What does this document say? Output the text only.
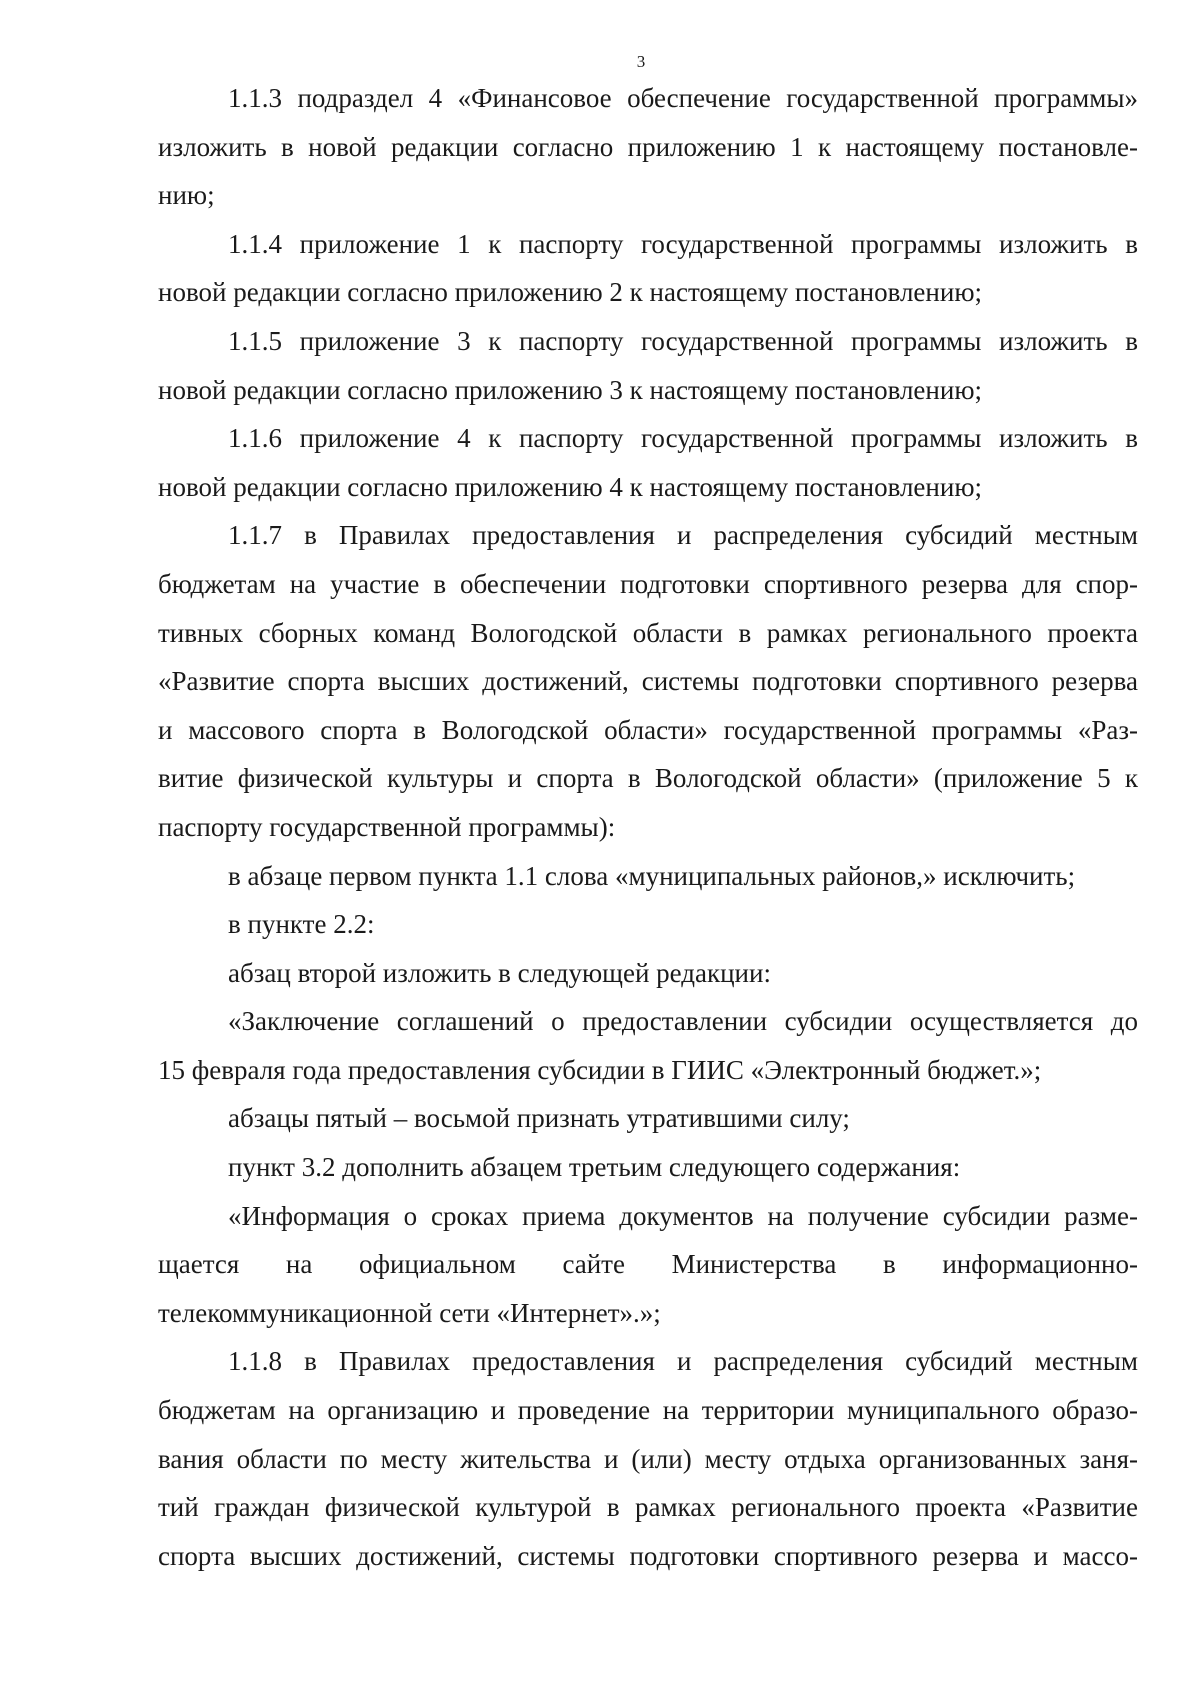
3
1.1.3 подраздел 4 «Финансовое обеспечение государственной программы»
изложить в новой редакции согласно приложению 1 к настоящему постановле-
нию;
1.1.4 приложение 1 к паспорту государственной программы изложить в
новой редакции согласно приложению 2 к настоящему постановлению;
1.1.5 приложение 3 к паспорту государственной программы изложить в
новой редакции согласно приложению 3 к настоящему постановлению;
1.1.6 приложение 4 к паспорту государственной программы изложить в
новой редакции согласно приложению 4 к настоящему постановлению;
1.1.7 в Правилах предоставления и распределения субсидий местным
бюджетам на участие в обеспечении подготовки спортивного резерва для спор-
тивных сборных команд Вологодской области в рамках регионального проекта
«Развитие спорта высших достижений, системы подготовки спортивного резерва
и массового спорта в Вологодской области» государственной программы «Раз-
витие физической культуры и спорта в Вологодской области» (приложение 5 к
паспорту государственной программы):
в абзаце первом пункта 1.1 слова «муниципальных районов,» исключить;
в пункте 2.2:
абзац второй изложить в следующей редакции:
«Заключение соглашений о предоставлении субсидии осуществляется до
15 февраля года предоставления субсидии в ГИИС «Электронный бюджет.»;
абзацы пятый – восьмой признать утратившими силу;
пункт 3.2 дополнить абзацем третьим следующего содержания:
«Информация о сроках приема документов на получение субсидии разме-
щается на официальном сайте Министерства в информационно-
телекоммуникационной сети «Интернет».»;
1.1.8 в Правилах предоставления и распределения субсидий местным
бюджетам на организацию и проведение на территории муниципального образо-
вания области по месту жительства и (или) месту отдыха организованных заня-
тий граждан физической культурой в рамках регионального проекта «Развитие
спорта высших достижений, системы подготовки спортивного резерва и массо-
